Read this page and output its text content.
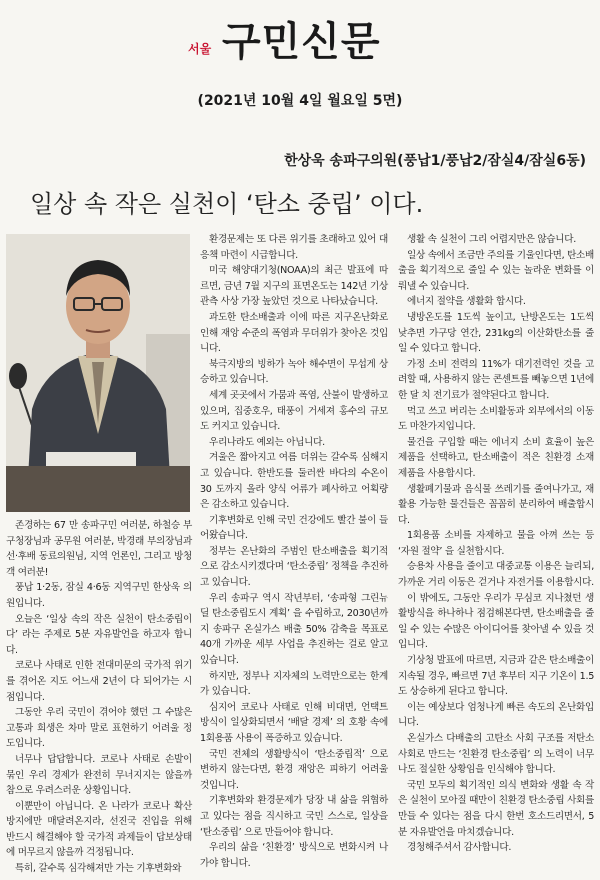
서울 구민신문
(2021년 10월 4일 월요일 5면)
한상욱 송파구의원(풍납1/풍납2/잠실4/잠실6동)
일상 속 작은 실천이 ‘탄소 중립’ 이다.

존경하는 67 만 송파구민 여러분, 하철승 부구청장님과 공무원 여러분, 박경래 부의장님과 선·후배 동료의원님, 지역 언론인, 그리고 방청객 여러분!

풍납 1·2동, 잠실 4·6동 지역구민 한상욱 의원입니다.

오늘은 ‘일상 속의 작은 실천이 탄소중립이다’ 라는 주제로 5분 자유발언을 하고자 합니다.

코로나 사태로 인한 전대미문의 국가적 위기를 겪어온 지도 어느새 2년이 다 되어가는 시점입니다.

그동안 우리 국민이 겪어야 했던 그 수많은 고통과 희생은 차마 말로 표현하기 어려울 정도입니다.

너무나 답답합니다. 코로나 사태로 손발이 묶인 우리 경제가 완전히 무너지지는 않을까 참으로 우려스러운 상황입니다.

이뿐만이 아닙니다. 온 나라가 코로나 확산 방지에만 매달려온지라, 선진국 진입을 위해 반드시 해결해야 할 국가적 과제들이 답보상태에 머무르지 않을까 걱정됩니다.

특히, 갈수록 심각해져만 가는 기후변화와

환경문제는 또 다른 위기를 초래하고 있어 대응책 마련이 시급합니다.

미국 해양대기청(NOAA)의 최근 발표에 따르면, 금년 7월 지구의 표면온도는 142년 기상관측 사상 가장 높았던 것으로 나타났습니다.

과도한 탄소배출과 이에 따른 지구온난화로 인해 재앙 수준의 폭염과 무더위가 찾아온 것입니다.

북극지방의 빙하가 녹아 해수면이 무섭게 상승하고 있습니다.

세계 곳곳에서 가뭄과 폭염, 산불이 발생하고 있으며, 집중호우, 태풍이 거세져 홍수의 규모도 커지고 있습니다.

우리나라도 예외는 아닙니다.

겨울은 짧아지고 여름 더위는 갈수록 심해지고 있습니다. 한반도를 둘러싼 바다의 수온이 30 도까지 올라 양식 어류가 폐사하고 어획량은 감소하고 있습니다.

기후변화로 인해 국민 건강에도 빨간 불이 들어왔습니다.

정부는 온난화의 주범인 탄소배출을 획기적으로 감소시키겠다며 ‘탄소중립’ 정책을 추진하고 있습니다.

우리 송파구 역시 작년부터, ‘송파형 그린뉴딜 탄소중립도시 계획’ 을 수립하고, 2030년까지 송파구 온실가스 배출 50% 감축을 목표로 40개 가까운 세부 사업을 추진하는 걸로 알고 있습니다.

하지만, 정부나 지자체의 노력만으로는 한계가 있습니다.

심지어 코로나 사태로 인해 비대면, 언택트 방식이 일상화되면서 ‘배달 경제’ 의 호황 속에 1회용품 사용이 폭증하고 있습니다.

국민 전체의 생활방식이 ‘탄소중립적’ 으로 변하지 않는다면, 환경 재앙은 피하기 어려울 것입니다.

기후변화와 환경문제가 당장 내 삶을 위협하고 있다는 점을 직시하고 국민 스스로, 일상을 ‘탄소중립’ 으로 만들어야 합니다.

우리의 삶을 ‘친환경’ 방식으로 변화시켜 나가야 합니다.

생활 속 실천이 그리 어렵지만은 않습니다.

일상 속에서 조금만 주의를 기울인다면, 탄소배출을 획기적으로 줄일 수 있는 놀라운 변화를 이뤄낼 수 있습니다.

에너지 절약을 생활화 합시다.

냉방온도를 1도씩 높이고, 난방온도는 1도씩 낮추면 가구당 연간, 231kg의 이산화탄소를 줄일 수 있다고 합니다.

가정 소비 전력의 11%가 대기전력인 것을 고려할 때, 사용하지 않는 콘센트를 빼놓으면 1년에 한 달 치 전기료가 절약된다고 합니다.

먹고 쓰고 버리는 소비활동과 외부에서의 이동도 마찬가지입니다.

물건을 구입할 때는 에너지 소비 효율이 높은 제품을 선택하고, 탄소배출이 적은 친환경 소재 제품을 사용합시다.

생활폐기물과 음식물 쓰레기를 줄여나가고, 재활용 가능한 물건들은 꼼꼼히 분리하여 배출합시다.

1회용품 소비를 자제하고 물을 아껴 쓰는 등 ‘자원 절약’ 을 실천합시다.

승용차 사용을 줄이고 대중교통 이용은 늘리되, 가까운 거리 이동은 걷거나 자전거를 이용합시다.

이 밖에도, 그동안 우리가 무심코 지나쳤던 생활방식을 하나하나 점검해본다면, 탄소배출을 줄일 수 있는 수많은 아이디어를 찾아낼 수 있을 것입니다.

기상청 발표에 따르면, 지금과 같은 탄소배출이 지속될 경우, 빠르면 7년 후부터 지구 기온이 1.5도 상승하게 된다고 합니다.

이는 예상보다 엄청나게 빠른 속도의 온난화입니다.

온실가스 다배출의 고탄소 사회 구조를 저탄소 사회로 만드는 ‘친환경 탄소중립’ 의 노력이 너무나도 절실한 상황임을 인식해야 합니다.

국민 모두의 획기적인 의식 변화와 생활 속 작은 실천이 모아질 때만이 친환경 탄소중립 사회를 만들 수 있다는 점을 다시 한번 호소드리면서, 5분 자유발언을 마치겠습니다.

경청해주셔서 감사합니다.
